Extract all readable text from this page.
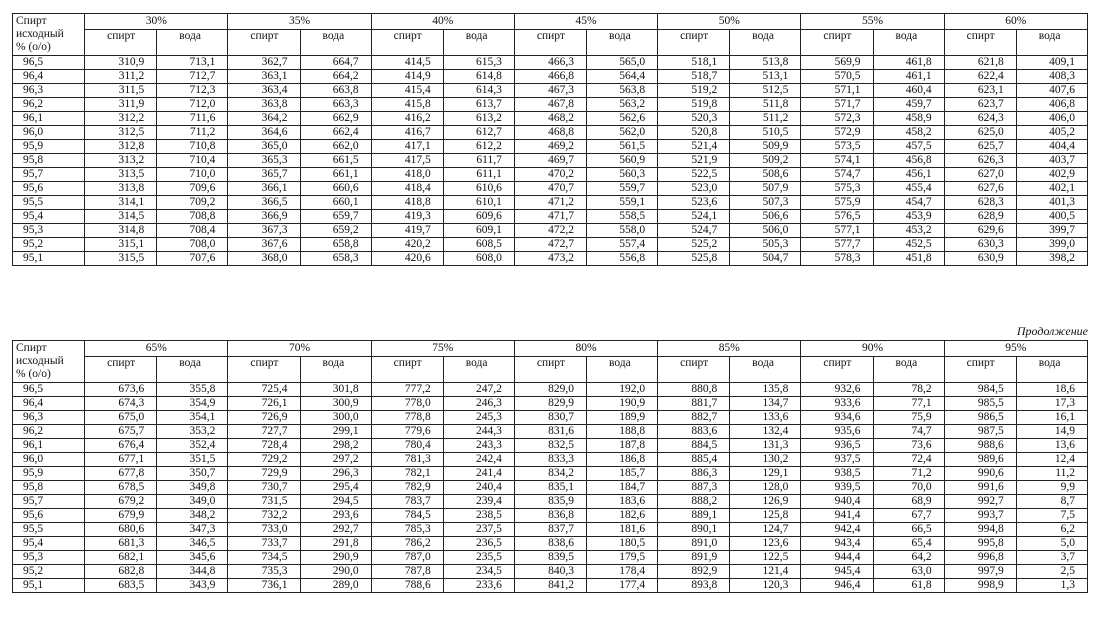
Спирт
исходный
% (о/о)	30%		35%		40%		45%		50%		55%		60%	
	спирт	вода	спирт	вода	спирт	вода	спирт	вода	спирт	вода	спирт	вода	спирт	вода
96,5	310,9	713,1	362,7	664,7	414,5	615,3	466,3	565,0	518,1	513,8	569,9	461,8	621,8	409,1
96,4	311,2	712,7	363,1	664,2	414,9	614,8	466,8	564,4	518,7	513,1	570,5	461,1	622,4	408,3
96,3	311,5	712,3	363,4	663,8	415,4	614,3	467,3	563,8	519,2	512,5	571,1	460,4	623,1	407,6
96,2	311,9	712,0	363,8	663,3	415,8	613,7	467,8	563,2	519,8	511,8	571,7	459,7	623,7	406,8
96,1	312,2	711,6	364,2	662,9	416,2	613,2	468,2	562,6	520,3	511,2	572,3	458,9	624,3	406,0
96,0	312,5	711,2	364,6	662,4	416,7	612,7	468,8	562,0	520,8	510,5	572,9	458,2	625,0	405,2
95,9	312,8	710,8	365,0	662,0	417,1	612,2	469,2	561,5	521,4	509,9	573,5	457,5	625,7	404,4
95,8	313,2	710,4	365,3	661,5	417,5	611,7	469,7	560,9	521,9	509,2	574,1	456,8	626,3	403,7
95,7	313,5	710,0	365,7	661,1	418,0	611,1	470,2	560,3	522,5	508,6	574,7	456,1	627,0	402,9
95,6	313,8	709,6	366,1	660,6	418,4	610,6	470,7	559,7	523,0	507,9	575,3	455,4	627,6	402,1
95,5	314,1	709,2	366,5	660,1	418,8	610,1	471,2	559,1	523,6	507,3	575,9	454,7	628,3	401,3
95,4	314,5	708,8	366,9	659,7	419,3	609,6	471,7	558,5	524,1	506,6	576,5	453,9	628,9	400,5
95,3	314,8	708,4	367,3	659,2	419,7	609,1	472,2	558,0	524,7	506,0	577,1	453,2	629,6	399,7
95,2	315,1	708,0	367,6	658,8	420,2	608,5	472,7	557,4	525,2	505,3	577,7	452,5	630,3	399,0
95,1	315,5	707,6	368,0	658,3	420,6	608,0	473,2	556,8	525,8	504,7	578,3	451,8	630,9	398,2
Продолжение
Спирт
исходный
% (о/о)	65%		70%		75%		80%		85%		90%		95%	
	спирт	вода	спирт	вода	спирт	вода	спирт	вода	спирт	вода	спирт	вода	спирт	вода
96,5	673,6	355,8	725,4	301,8	777,2	247,2	829,0	192,0	880,8	135,8	932,6	78,2	984,5	18,6
96,4	674,3	354,9	726,1	300,9	778,0	246,3	829,9	190,9	881,7	134,7	933,6	77,1	985,5	17,3
96,3	675,0	354,1	726,9	300,0	778,8	245,3	830,7	189,9	882,7	133,6	934,6	75,9	986,5	16,1
96,2	675,7	353,2	727,7	299,1	779,6	244,3	831,6	188,8	883,6	132,4	935,6	74,7	987,5	14,9
96,1	676,4	352,4	728,4	298,2	780,4	243,3	832,5	187,8	884,5	131,3	936,5	73,6	988,6	13,6
96,0	677,1	351,5	729,2	297,2	781,3	242,4	833,3	186,8	885,4	130,2	937,5	72,4	989,6	12,4
95,9	677,8	350,7	729,9	296,3	782,1	241,4	834,2	185,7	886,3	129,1	938,5	71,2	990,6	11,2
95,8	678,5	349,8	730,7	295,4	782,9	240,4	835,1	184,7	887,3	128,0	939,5	70,0	991,6	9,9
95,7	679,2	349,0	731,5	294,5	783,7	239,4	835,9	183,6	888,2	126,9	940,4	68,9	992,7	8,7
95,6	679,9	348,2	732,2	293,6	784,5	238,5	836,8	182,6	889,1	125,8	941,4	67,7	993,7	7,5
95,5	680,6	347,3	733,0	292,7	785,3	237,5	837,7	181,6	890,1	124,7	942,4	66,5	994,8	6,2
95,4	681,3	346,5	733,7	291,8	786,2	236,5	838,6	180,5	891,0	123,6	943,4	65,4	995,8	5,0
95,3	682,1	345,6	734,5	290,9	787,0	235,5	839,5	179,5	891,9	122,5	944,4	64,2	996,8	3,7
95,2	682,8	344,8	735,3	290,0	787,8	234,5	840,3	178,4	892,9	121,4	945,4	63,0	997,9	2,5
95,1	683,5	343,9	736,1	289,0	788,6	233,6	841,2	177,4	893,8	120,3	946,4	61,8	998,9	1,3
